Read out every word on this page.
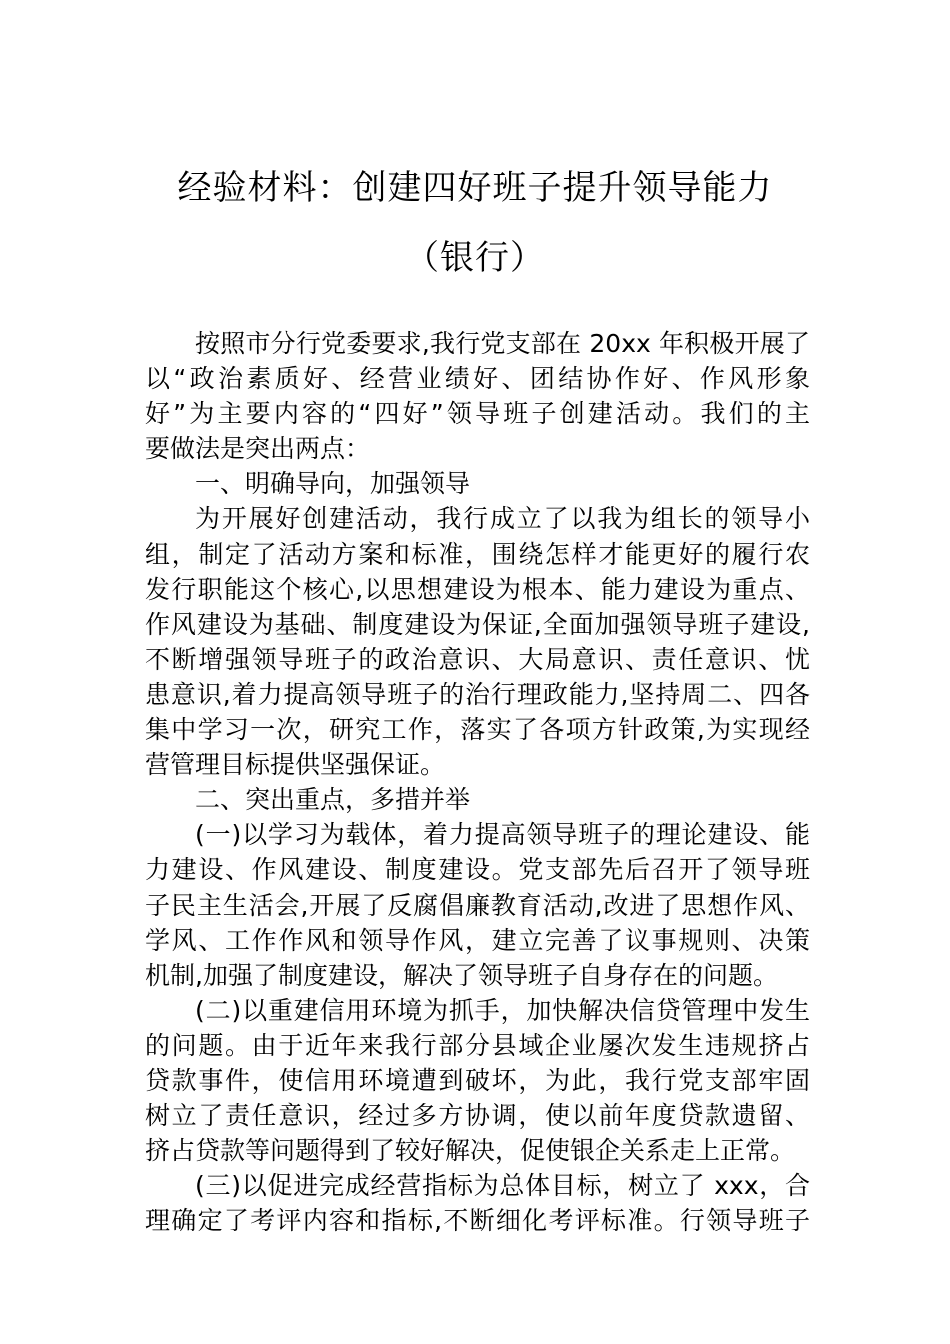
经验材料：创建四好班子提升领导能力
（银行）

按照市分行党委要求,我行党支部在 20xx 年积极开展了
以“政治素质好、经营业绩好、团结协作好、作风形象
好”为主要内容的“四好”领导班子创建活动。我们的主
要做法是突出两点：

一、明确导向，加强领导

为开展好创建活动，我行成立了以我为组长的领导小
组，制定了活动方案和标准，围绕怎样才能更好的履行农
发行职能这个核心,以思想建设为根本、能力建设为重点、
作风建设为基础、制度建设为保证,全面加强领导班子建设,
不断增强领导班子的政治意识、大局意识、责任意识、忧
患意识,着力提高领导班子的治行理政能力,坚持周二、四各
集中学习一次，研究工作，落实了各项方针政策,为实现经
营管理目标提供坚强保证。

二、突出重点，多措并举

(一)以学习为载体，着力提高领导班子的理论建设、能
力建设、作风建设、制度建设。党支部先后召开了领导班
子民主生活会,开展了反腐倡廉教育活动,改进了思想作风、
学风、工作作风和领导作风，建立完善了议事规则、决策
机制,加强了制度建设，解决了领导班子自身存在的问题。

(二)以重建信用环境为抓手，加快解决信贷管理中发生
的问题。由于近年来我行部分县域企业屡次发生违规挤占
贷款事件，使信用环境遭到破坏，为此，我行党支部牢固
树立了责任意识，经过多方协调，使以前年度贷款遗留、
挤占贷款等问题得到了较好解决，促使银企关系走上正常。

(三)以促进完成经营指标为总体目标，树立了 xxx，合
理确定了考评内容和指标,不断细化考评标准。行领导班子
